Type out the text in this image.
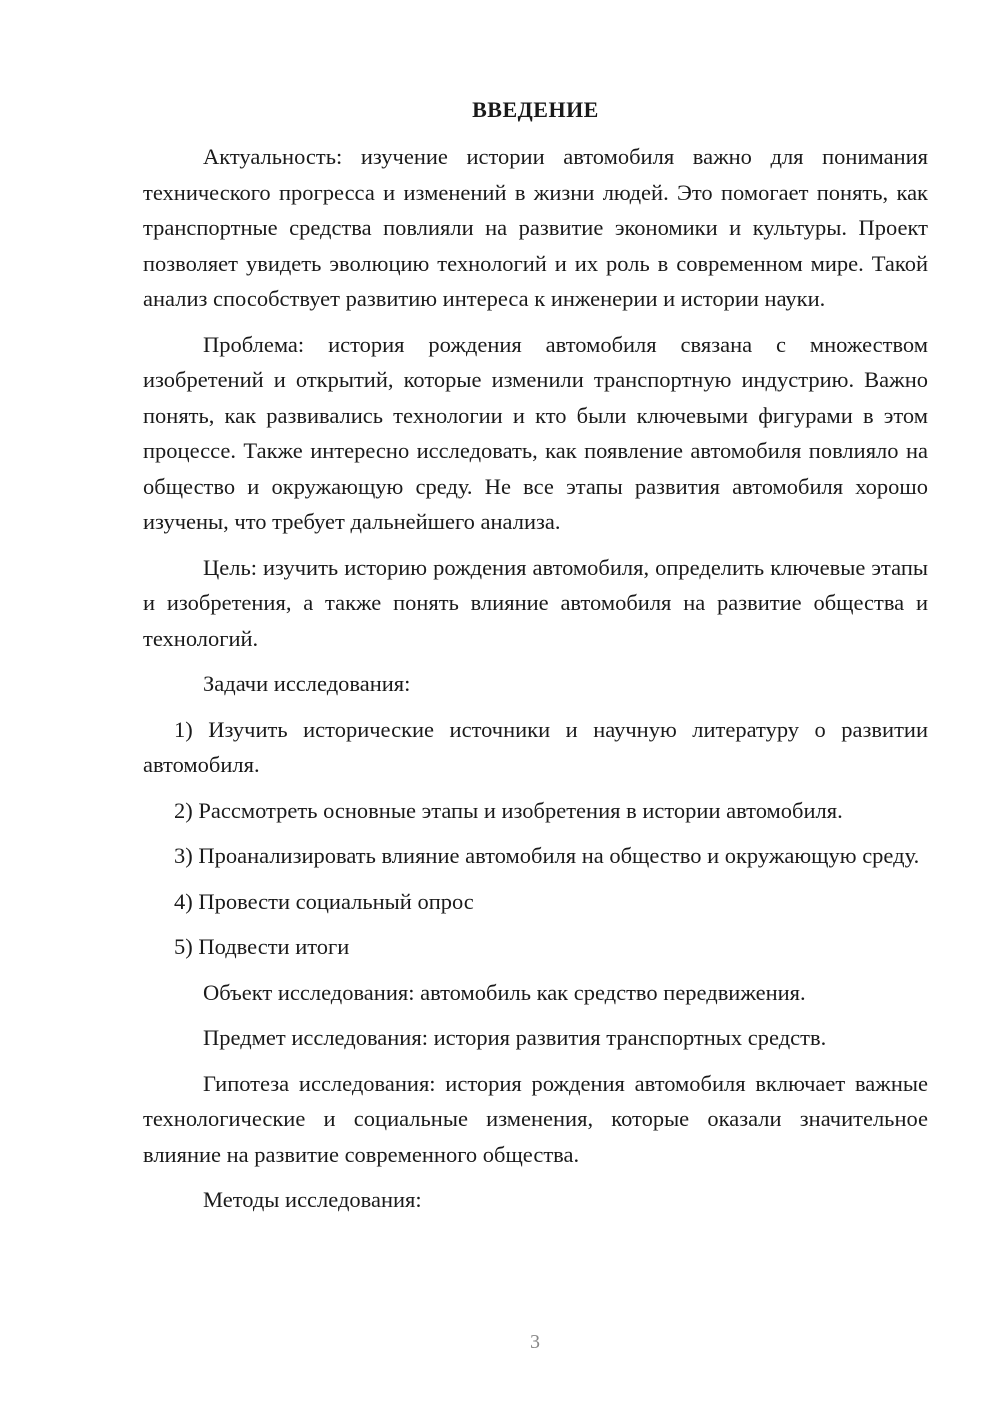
ВВЕДЕНИЕ

Актуальность: изучение истории автомобиля важно для понимания технического прогресса и изменений в жизни людей. Это помогает понять, как транспортные средства повлияли на развитие экономики и культуры. Проект позволяет увидеть эволюцию технологий и их роль в современном мире. Такой анализ способствует развитию интереса к инженерии и истории науки.

Проблема: история рождения автомобиля связана с множеством изобретений и открытий, которые изменили транспортную индустрию. Важно понять, как развивались технологии и кто были ключевыми фигурами в этом процессе. Также интересно исследовать, как появление автомобиля повлияло на общество и окружающую среду. Не все этапы развития автомобиля хорошо изучены, что требует дальнейшего анализа.

Цель: изучить историю рождения автомобиля, определить ключевые этапы и изобретения, а также понять влияние автомобиля на развитие общества и технологий.

Задачи исследования:

1) Изучить исторические источники и научную литературу о развитии автомобиля.

2) Рассмотреть основные этапы и изобретения в истории автомобиля.

3) Проанализировать влияние автомобиля на общество и окружающую среду.

4) Провести социальный опрос

5) Подвести итоги

Объект исследования: автомобиль как средство передвижения.

Предмет исследования: история развития транспортных средств.

Гипотеза исследования: история рождения автомобиля включает важные технологические и социальные изменения, которые оказали значительное влияние на развитие современного общества.

Методы исследования:

3
